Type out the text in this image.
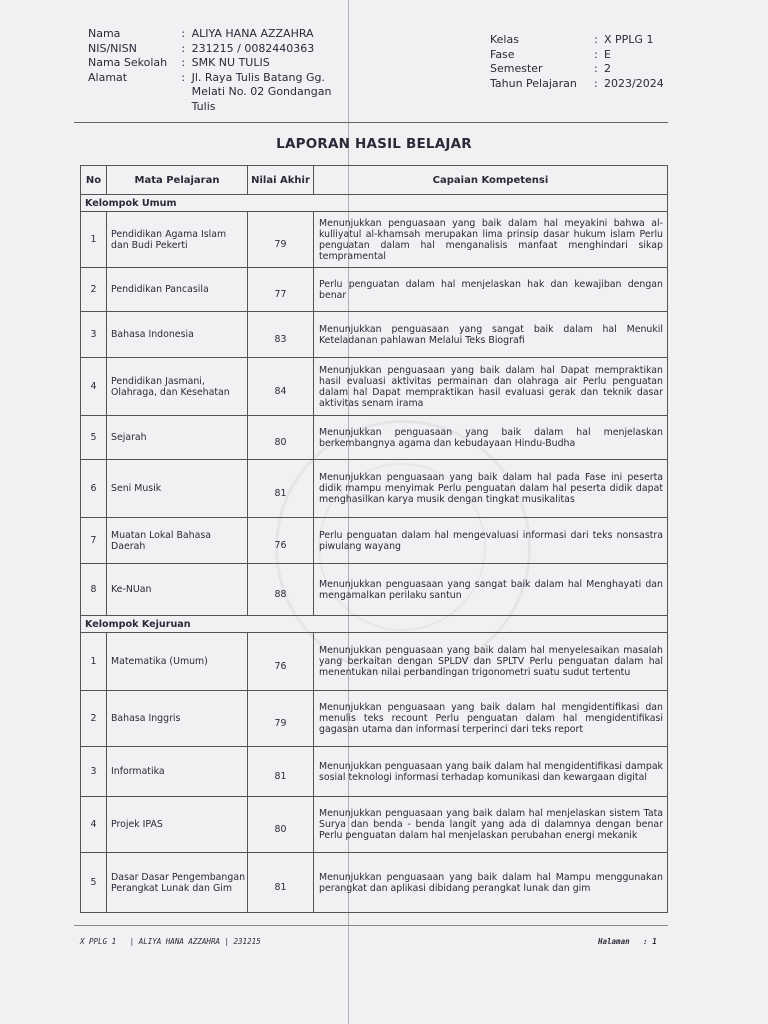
Nama	: ALIYA HANA AZZAHRA
NIS/NISN	: 231215 / 0082440363
Nama Sekolah	: SMK NU TULIS
Alamat	: Jl. Raya Tulis Batang Gg. Melati No. 02 Gondangan Tulis
Kelas	: X PPLG 1
Fase	: E
Semester	: 2
Tahun Pelajaran	: 2023/2024
LAPORAN HASIL BELAJAR
No	Mata Pelajaran	Nilai Akhir	Capaian Kompetensi
Kelompok Umum			
1	Pendidikan Agama Islam dan Budi Pekerti	79	Menunjukkan penguasaan yang baik dalam hal meyakini bahwa al-kulliyatul al-khamsah merupakan lima prinsip dasar hukum islam Perlu penguatan dalam hal menganalisis manfaat menghindari sikap tempramental
2	Pendidikan Pancasila	77	Perlu penguatan dalam hal menjelaskan hak dan kewajiban dengan benar
3	Bahasa Indonesia	83	Menunjukkan penguasaan yang sangat baik dalam hal Menukil Keteladanan pahlawan Melalui Teks Biografi
4	Pendidikan Jasmani, Olahraga, dan Kesehatan	84	Menunjukkan penguasaan yang baik dalam hal Dapat mempraktikan hasil evaluasi aktivitas permainan dan olahraga air Perlu penguatan dalam hal Dapat mempraktikan hasil evaluasi gerak dan teknik dasar aktivitas senam irama
5	Sejarah	80	Menunjukkan penguasaan yang baik dalam hal menjelaskan berkembangnya agama dan kebudayaan Hindu-Budha
6	Seni Musik	81	Menunjukkan penguasaan yang baik dalam hal pada Fase ini peserta didik mampu menyimak Perlu penguatan dalam hal peserta didik dapat menghasilkan karya musik dengan tingkat musikalitas
7	Muatan Lokal Bahasa Daerah	76	Perlu penguatan dalam hal mengevaluasi informasi dari teks nonsastra piwulang wayang
8	Ke-NUan	88	Menunjukkan penguasaan yang sangat baik dalam hal Menghayati dan mengamalkan perilaku santun
Kelompok Kejuruan			
1	Matematika (Umum)	76	Menunjukkan penguasaan yang baik dalam hal menyelesaikan masalah yang berkaitan dengan SPLDV dan SPLTV Perlu penguatan dalam hal menentukan nilai perbandingan trigonometri suatu sudut tertentu
2	Bahasa Inggris	79	Menunjukkan penguasaan yang baik dalam hal mengidentifikasi dan menulis teks recount Perlu penguatan dalam hal mengidentifikasi gagasan utama dan informasi terperinci dari teks report
3	Informatika	81	Menunjukkan penguasaan yang baik dalam hal mengidentifikasi dampak sosial teknologi informasi terhadap komunikasi dan kewargaan digital
4	Projek IPAS	80	Menunjukkan penguasaan yang baik dalam hal menjelaskan sistem Tata Surya dan benda - benda langit yang ada di dalamnya dengan benar Perlu penguatan dalam hal menjelaskan perubahan energi mekanik
5	Dasar Dasar Pengembangan Perangkat Lunak dan Gim	81	Menunjukkan penguasaan yang baik dalam hal Mampu menggunakan perangkat dan aplikasi dibidang perangkat lunak dan gim
X PPLG 1   | ALIYA HANA AZZAHRA | 231215	Halaman   : 1
